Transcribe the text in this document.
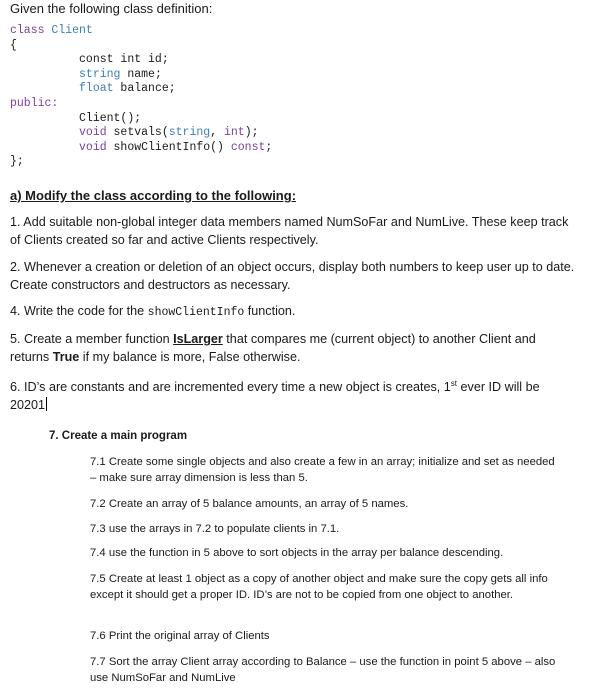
Given the following class definition:
class Client
{
const int id;
string name;
float balance;
public:
Client();
void setvals(string, int);
void showClientInfo() const;
};
a) Modify the class according to the following:
1. Add suitable non-global integer data members named NumSoFar and NumLive. These keep track of Clients created so far and active Clients respectively.
2. Whenever a creation or deletion of an object occurs, display both numbers to keep user up to date. Create constructors and destructors as necessary.
4. Write the code for the showClientInfo function.
5. Create a member function IsLarger that compares me (current object) to another Client and returns True if my balance is more, False otherwise.
6. ID’s are constants and are incremented every time a new object is creates, 1st ever ID will be 20201
7. Create a main program
7.1 Create some single objects and also create a few in an array; initialize and set as needed – make sure array dimension is less than 5.
7.2 Create an array of 5 balance amounts, an array of 5 names.
7.3 use the arrays in 7.2 to populate clients in 7.1.
7.4 use the function in 5 above to sort objects in the array per balance descending.
7.5 Create at least 1 object as a copy of another object and make sure the copy gets all info except it should get a proper ID. ID’s are not to be copied from one object to another.
7.6 Print the original array of Clients
7.7 Sort the array Client array according to Balance – use the function in point 5 above – also use NumSoFar and NumLive
